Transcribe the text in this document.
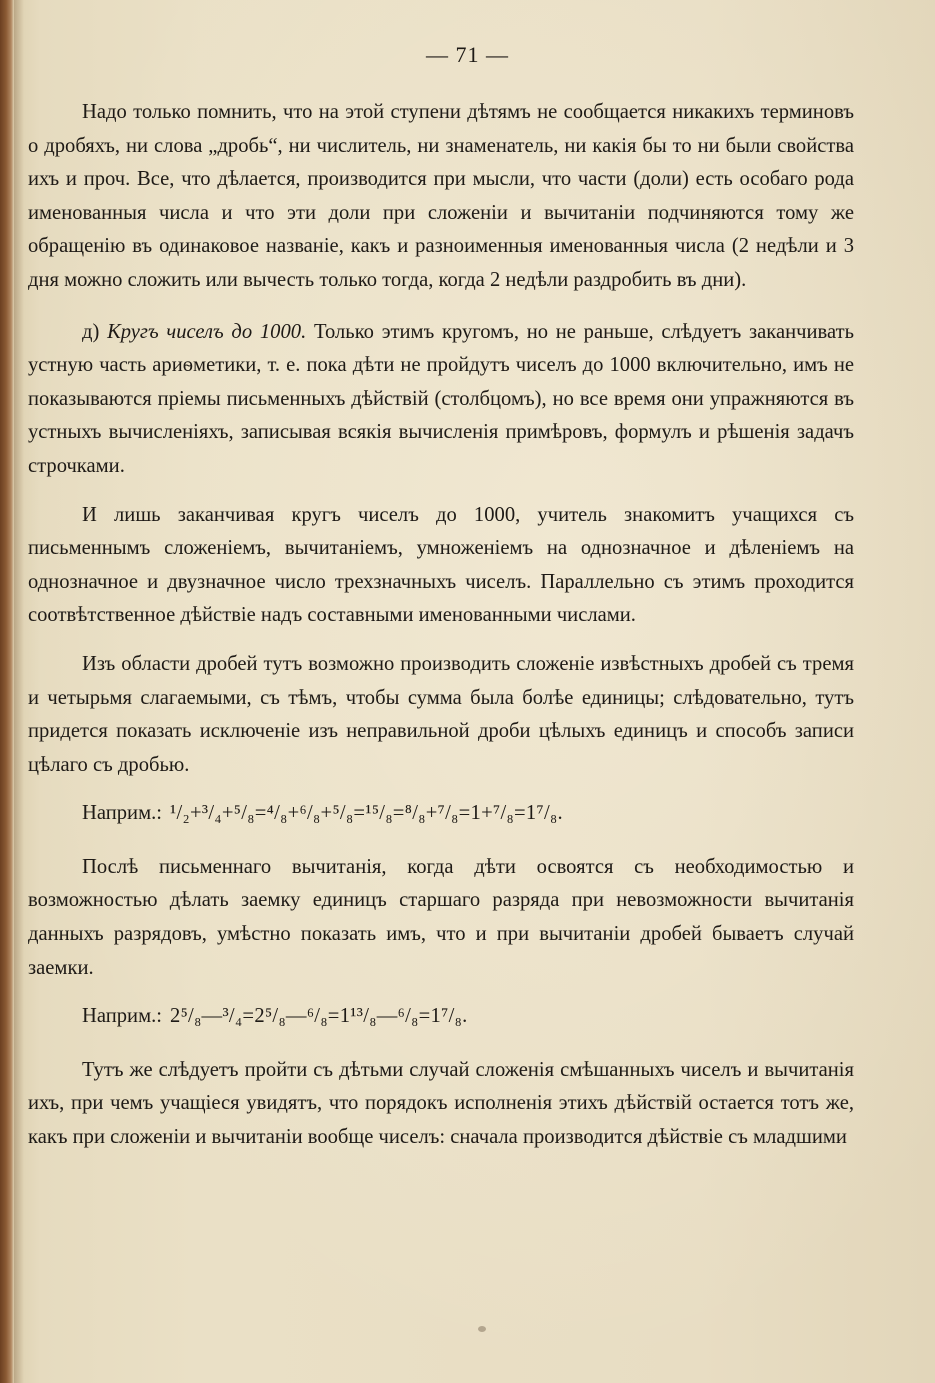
— 71 —

Надо только помнить, что на этой ступени дѣтямъ не сообщается никакихъ терминовъ о дробяхъ, ни слова „дробь“, ни числитель, ни знаменатель, ни какія бы то ни были свойства ихъ и проч. Все, что дѣлается, производится при мысли, что части (доли) есть особаго рода именованныя числа и что эти доли при сложеніи и вычитаніи подчиняются тому же обращенію въ одинаковое названіе, какъ и разноименныя именованныя числа (2 недѣли и 3 дня можно сложить или вычесть только тогда, когда 2 недѣли раздробить въ дни).

д) Кругъ чиселъ до 1000. Только этимъ кругомъ, но не раньше, слѣдуетъ заканчивать устную часть ариѳметики, т. е. пока дѣти не пройдутъ чиселъ до 1000 включительно, имъ не показываются пріемы письменныхъ дѣйствій (столбцомъ), но все время они упражняются въ устныхъ вычисленіяхъ, записывая всякія вычисленія примѣровъ, формулъ и рѣшенія задачъ строчками.

И лишь заканчивая кругъ чиселъ до 1000, учитель знакомитъ учащихся съ письменнымъ сложеніемъ, вычитаніемъ, умноженіемъ на однозначное и дѣленіемъ на однозначное и двузначное число трехзначныхъ чиселъ. Параллельно съ этимъ проходится соотвѣтственное дѣйствіе надъ составными именованными числами.

Изъ области дробей тутъ возможно производить сложеніе извѣстныхъ дробей съ тремя и четырьмя слагаемыми, съ тѣмъ, чтобы сумма была болѣе единицы; слѣдовательно, тутъ придется показать исключеніе изъ неправильной дроби цѣлыхъ единицъ и способъ записи цѣлаго съ дробью.

Наприм.: ¹/₂+³/₄+⁵/₈=⁴/₈+⁶/₈+⁵/₈=¹⁵/₈=⁸/₈+⁷/₈=1+⁷/₈=1⁷/₈.

Послѣ письменнаго вычитанія, когда дѣти освоятся съ необходимостью и возможностью дѣлать заемку единицъ старшаго разряда при невозможности вычитанія данныхъ разрядовъ, умѣстно показать имъ, что и при вычитаніи дробей бываетъ случай заемки.

Наприм.: 2⁵/₈—³/₄=2⁵/₈—⁶/₈=1¹³/₈—⁶/₈=1⁷/₈.

Тутъ же слѣдуетъ пройти съ дѣтьми случай сложенія смѣшанныхъ чиселъ и вычитанія ихъ, при чемъ учащіеся увидятъ, что порядокъ исполненія этихъ дѣйствій остается тотъ же, какъ при сложеніи и вычитаніи вообще чиселъ: сначала производится дѣйствіе съ младшими
